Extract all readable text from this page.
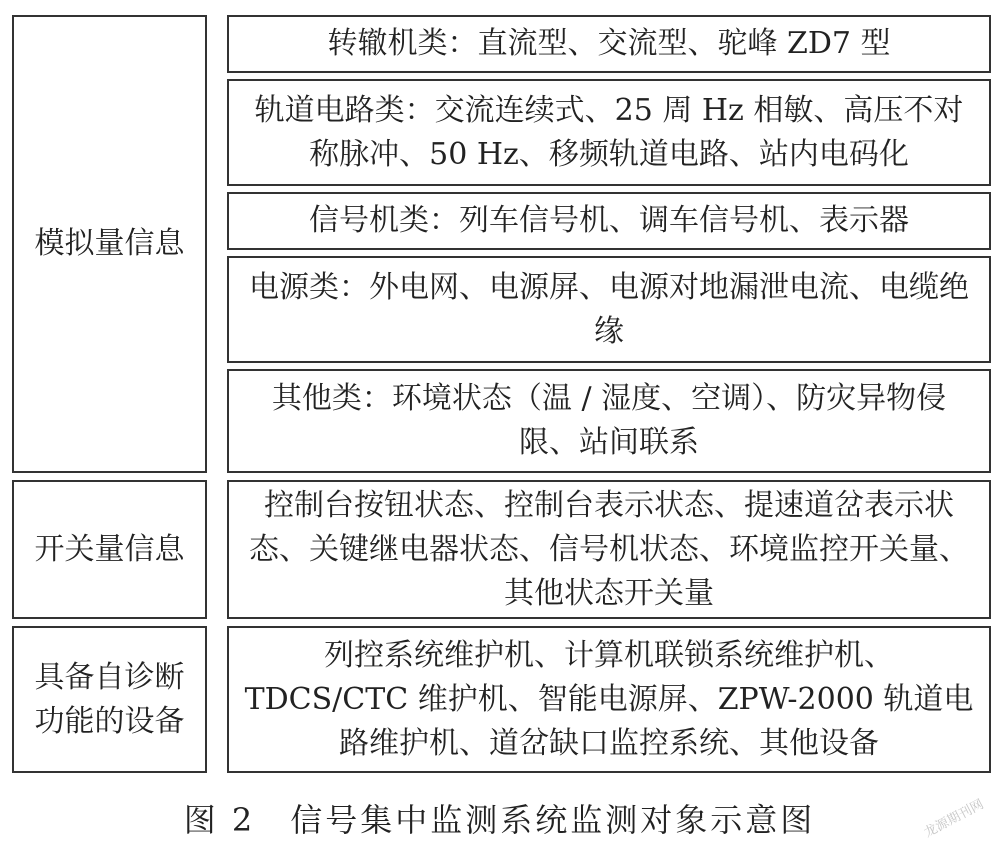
模拟量信息
开关量信息
具备自诊断功能的设备
转辙机类：直流型、交流型、驼峰 ZD7 型
轨道电路类：交流连续式、25 周 Hz 相敏、高压不对称脉冲、50 Hz、移频轨道电路、站内电码化
信号机类：列车信号机、调车信号机、表示器
电源类：外电网、电源屏、电源对地漏泄电流、电缆绝缘
其他类：环境状态（温 / 湿度、空调）、防灾异物侵限、站间联系
控制台按钮状态、控制台表示状态、提速道岔表示状态、关键继电器状态、信号机状态、环境监控开关量、其他状态开关量
列控系统维护机、计算机联锁系统维护机、TDCS/CTC 维护机、智能电源屏、ZPW-2000 轨道电路维护机、道岔缺口监控系统、其他设备
图 2　信号集中监测系统监测对象示意图	龙源期刊网
